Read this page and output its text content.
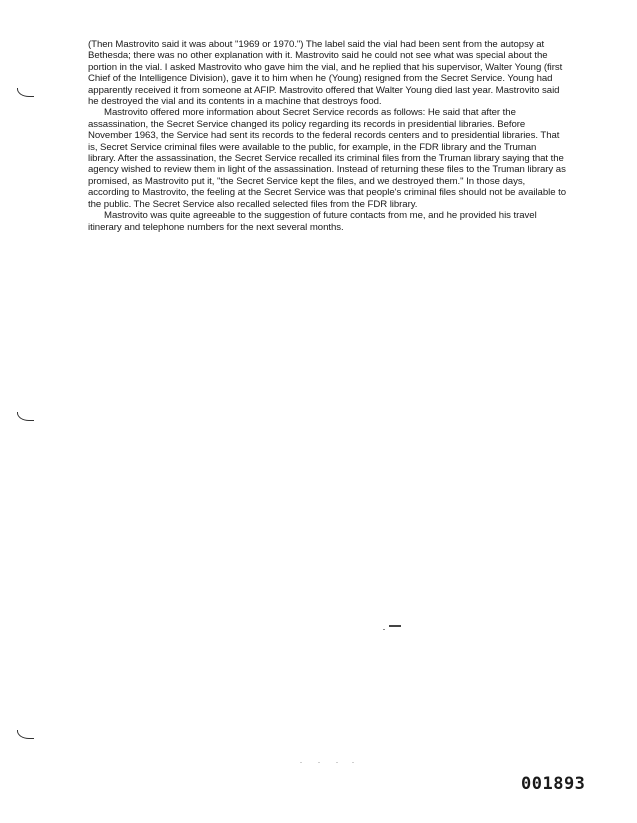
(Then Mastrovito said it was about "1969 or 1970.") The label said the vial had been sent from the autopsy at Bethesda; there was no other explanation with it. Mastrovito said he could not see what was special about the portion in the vial. I asked Mastrovito who gave him the vial, and he replied that his supervisor, Walter Young (first Chief of the Intelligence Division), gave it to him when he (Young) resigned from the Secret Service. Young had apparently received it from someone at AFIP. Mastrovito offered that Walter Young died last year. Mastrovito said he destroyed the vial and its contents in a machine that destroys food.

Mastrovito offered more information about Secret Service records as follows: He said that after the assassination, the Secret Service changed its policy regarding its records in presidential libraries. Before November 1963, the Service had sent its records to the federal records centers and to presidential libraries. That is, Secret Service criminal files were available to the public, for example, in the FDR library and the Truman library. After the assassination, the Secret Service recalled its criminal files from the Truman library saying that the agency wished to review them in light of the assassination. Instead of returning these files to the Truman library as promised, as Mastrovito put it, "the Secret Service kept the files, and we destroyed them." In those days, according to Mastrovito, the feeling at the Secret Service was that people's criminal files should not be available to the public. The Secret Service also recalled selected files from the FDR library.

Mastrovito was quite agreeable to the suggestion of future contacts from me, and he provided his travel itinerary and telephone numbers for the next several months.

001893
